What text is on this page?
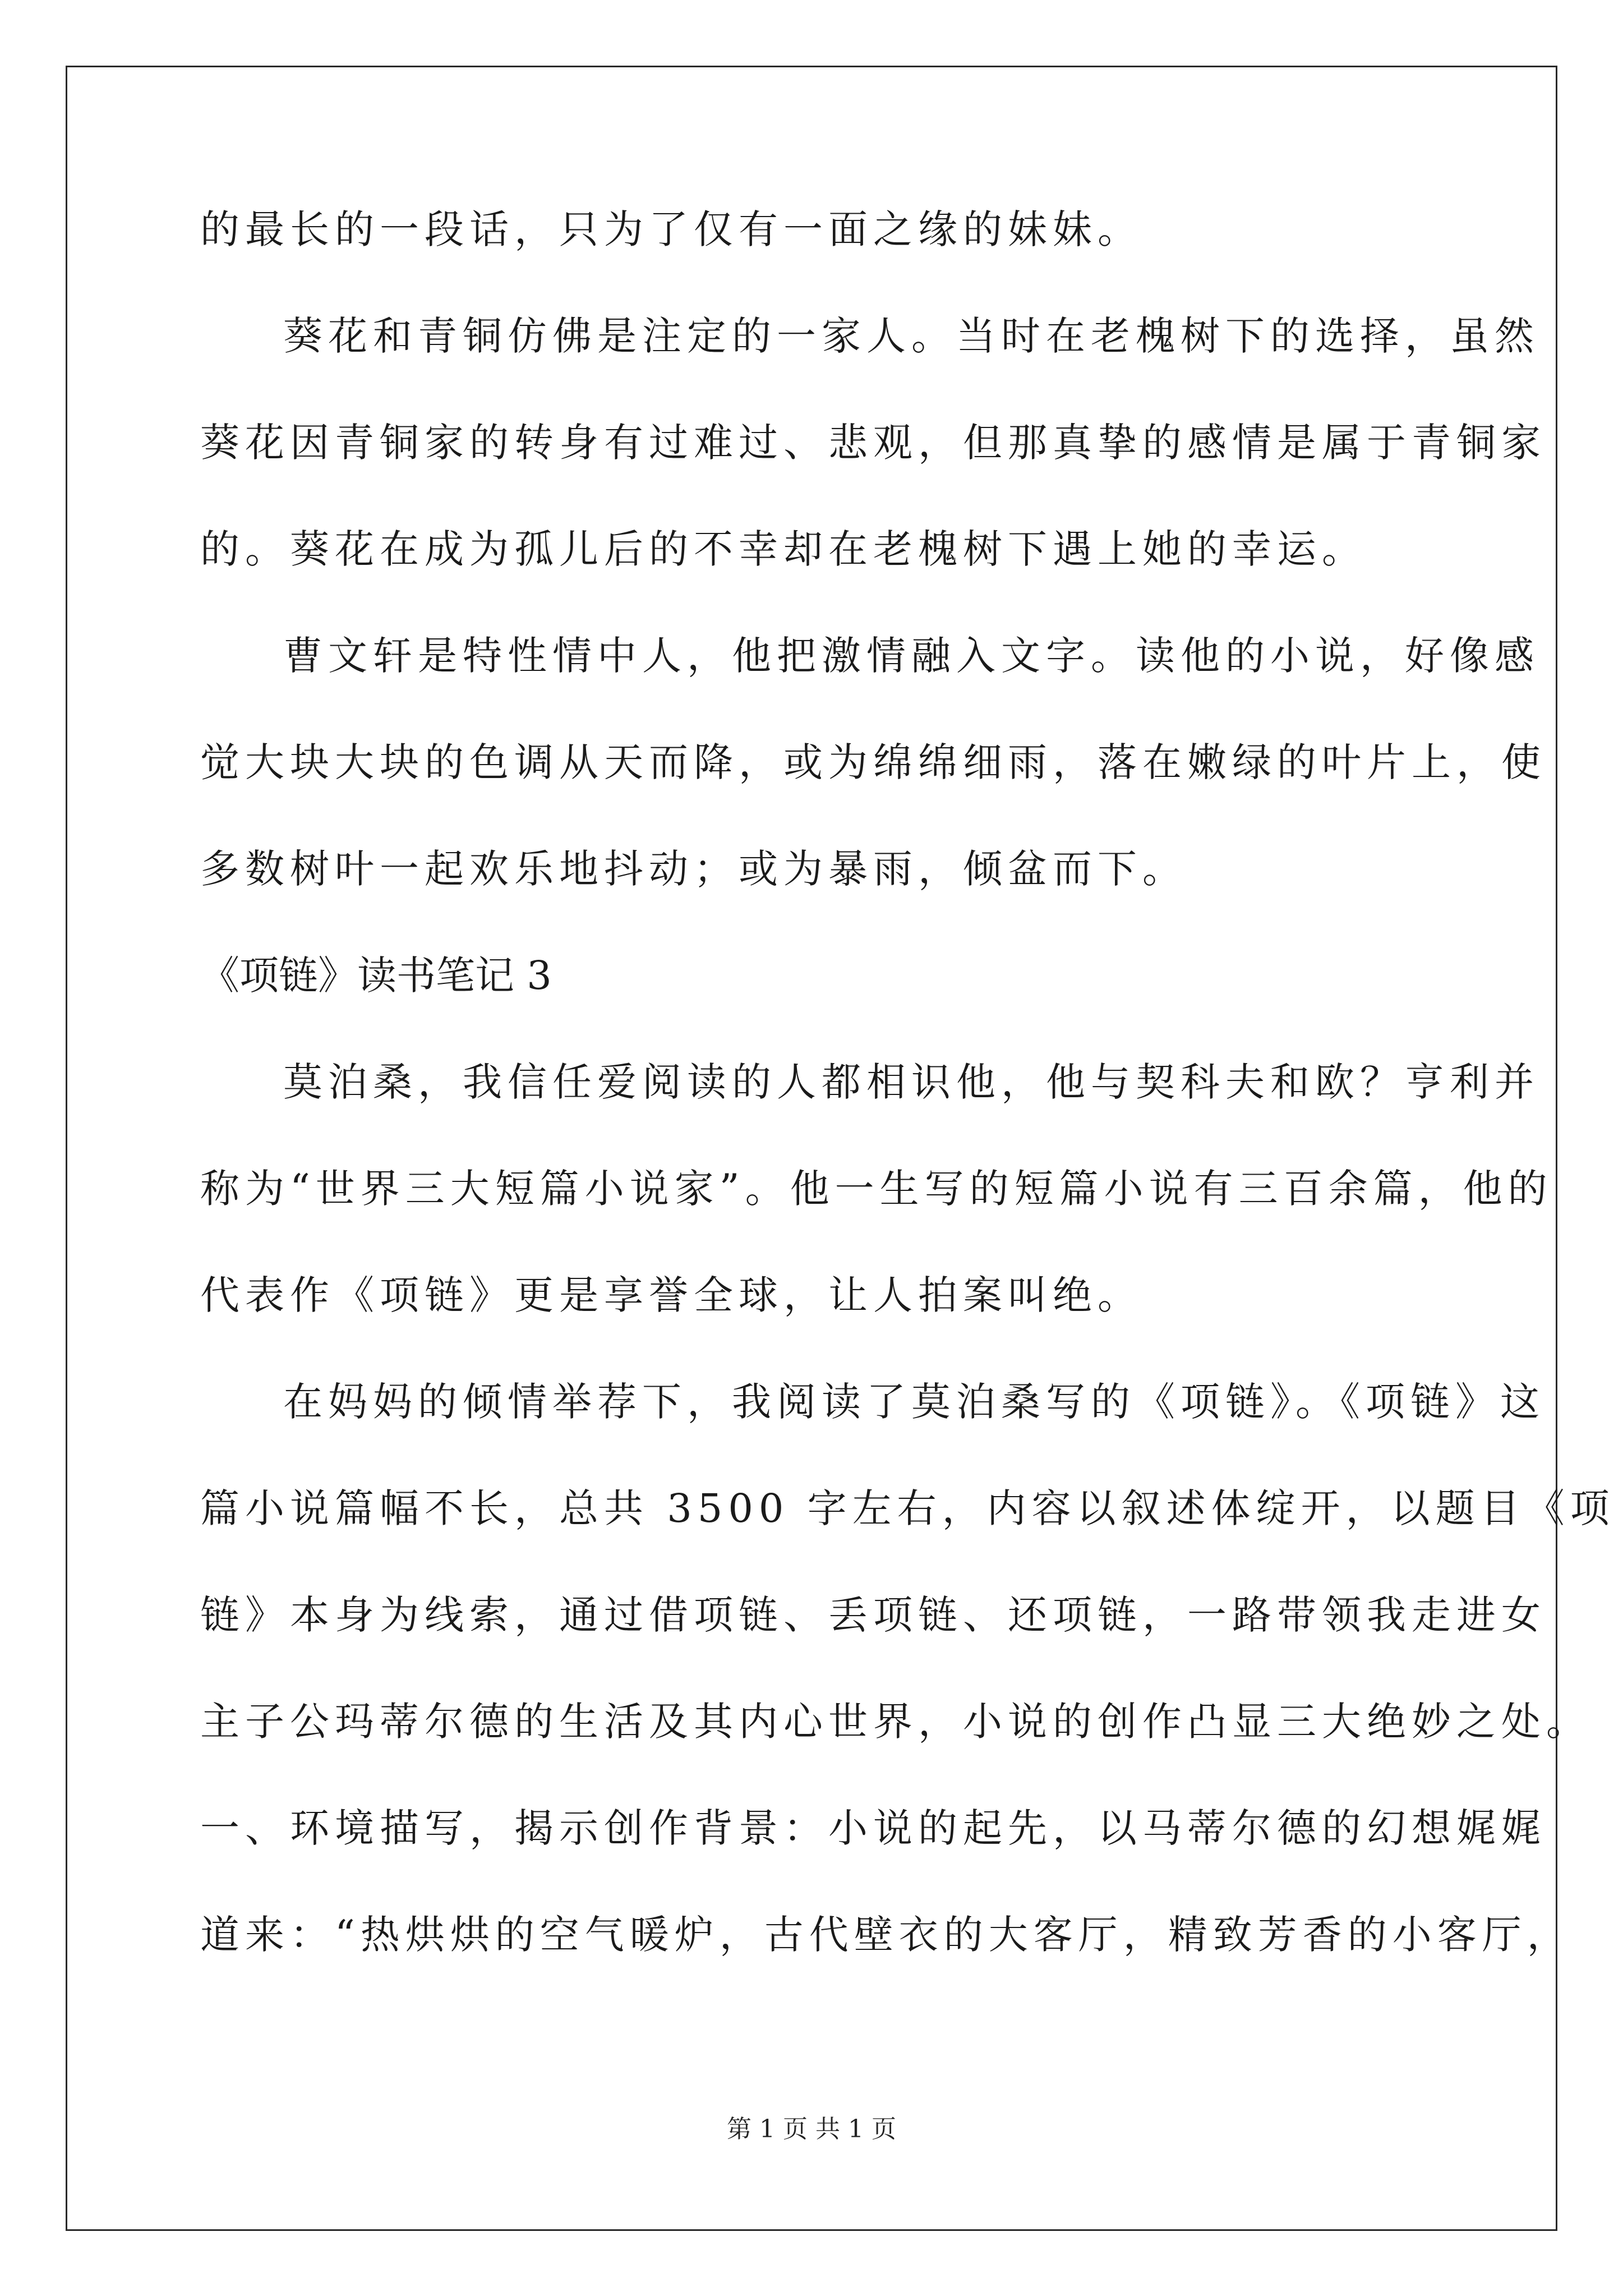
的最长的一段话，只为了仅有一面之缘的妹妹。
葵花和青铜仿佛是注定的一家人。当时在老槐树下的选择，虽然
葵花因青铜家的转身有过难过、悲观，但那真挚的感情是属于青铜家
的。葵花在成为孤儿后的不幸却在老槐树下遇上她的幸运。
曹文轩是特性情中人，他把激情融入文字。读他的小说，好像感
觉大块大块的色调从天而降，或为绵绵细雨，落在嫩绿的叶片上，使
多数树叶一起欢乐地抖动；或为暴雨，倾盆而下。
《项链》读书笔记 3
莫泊桑，我信任爱阅读的人都相识他，他与契科夫和欧？亨利并
称为“世界三大短篇小说家”。他一生写的短篇小说有三百余篇，他的
代表作《项链》更是享誉全球，让人拍案叫绝。
在妈妈的倾情举荐下，我阅读了莫泊桑写的《项链》。《项链》这
篇小说篇幅不长，总共 3500 字左右，内容以叙述体绽开，以题目《项
链》本身为线索，通过借项链、丢项链、还项链，一路带领我走进女
主子公玛蒂尔德的生活及其内心世界，小说的创作凸显三大绝妙之处。
一、环境描写，揭示创作背景：小说的起先，以马蒂尔德的幻想娓娓
道来：“热烘烘的空气暖炉，古代壁衣的大客厅，精致芳香的小客厅，
第 1 页 共 1 页
